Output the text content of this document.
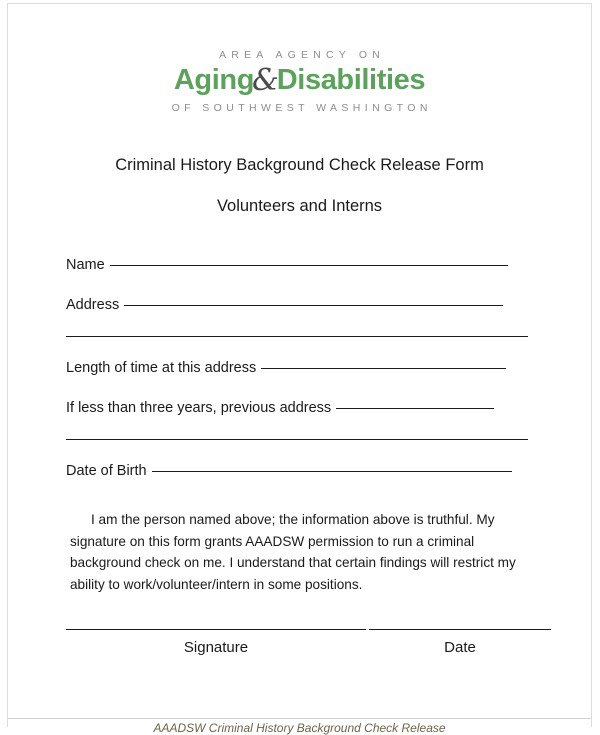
AREA AGENCY ON
Aging&Disabilities
OF SOUTHWEST WASHINGTON
Criminal History Background Check Release Form
Volunteers and Interns
Name
Address
Length of time at this address
If less than three years, previous address
Date of Birth
I am the person named above; the information above is truthful. My signature on this form grants AAADSW permission to run a criminal background check on me. I understand that certain findings will restrict my ability to work/volunteer/intern in some positions.
Signature	Date
AAADSW Criminal History Background Check Release
